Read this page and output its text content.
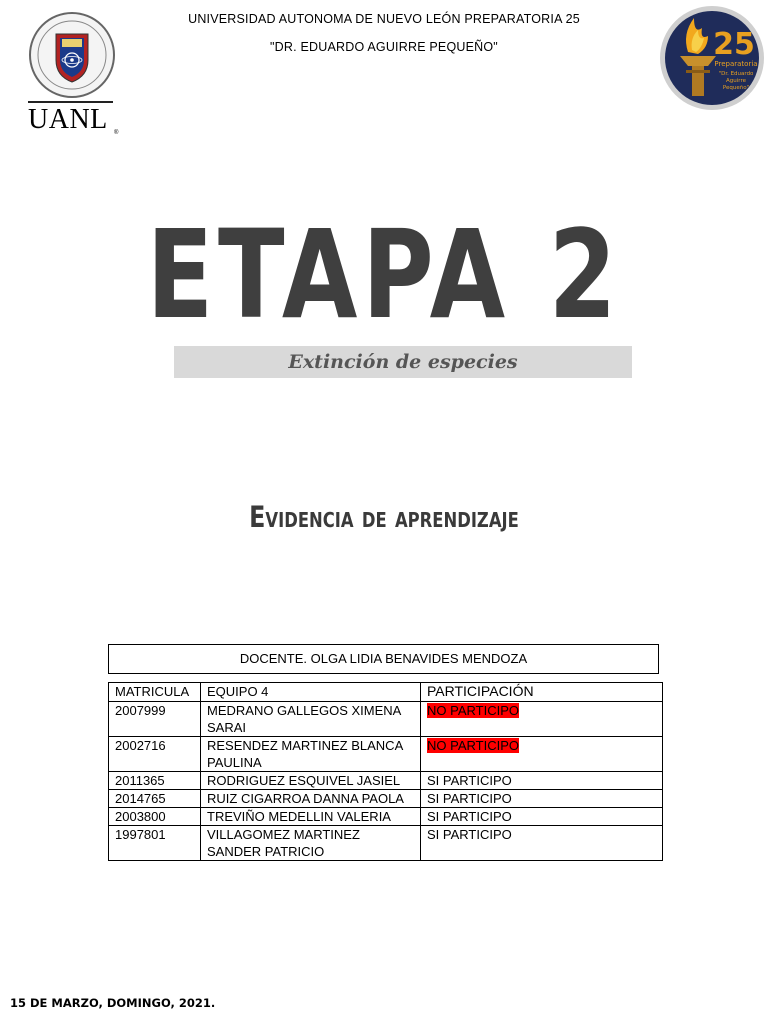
UNIVERSIDAD AUTONOMA DE NUEVO LEÓN PREPARATORIA 25
"DR. EDUARDO AGUIRRE PEQUEÑO"
UANL ®
25
Preparatoria
"Dr. Eduardo
Aguirre
Pequeño"
ETAPA 2
Extinción de especies
Evidencia de aprendizaje
DOCENTE. OLGA LIDIA BENAVIDES MENDOZA
MATRICULA	EQUIPO 4	PARTICIPACIÓN
2007999	MEDRANO GALLEGOS XIMENA SARAI	NO PARTICIPO
2002716	RESENDEZ MARTINEZ BLANCA PAULINA	NO PARTICIPO
2011365	RODRIGUEZ ESQUIVEL JASIEL	SI PARTICIPO
2014765	RUIZ CIGARROA DANNA PAOLA	SI PARTICIPO
2003800	TREVIÑO MEDELLIN VALERIA	SI PARTICIPO
1997801	VILLAGOMEZ MARTINEZ SANDER PATRICIO	SI PARTICIPO
15 DE MARZO, DOMINGO, 2021.
